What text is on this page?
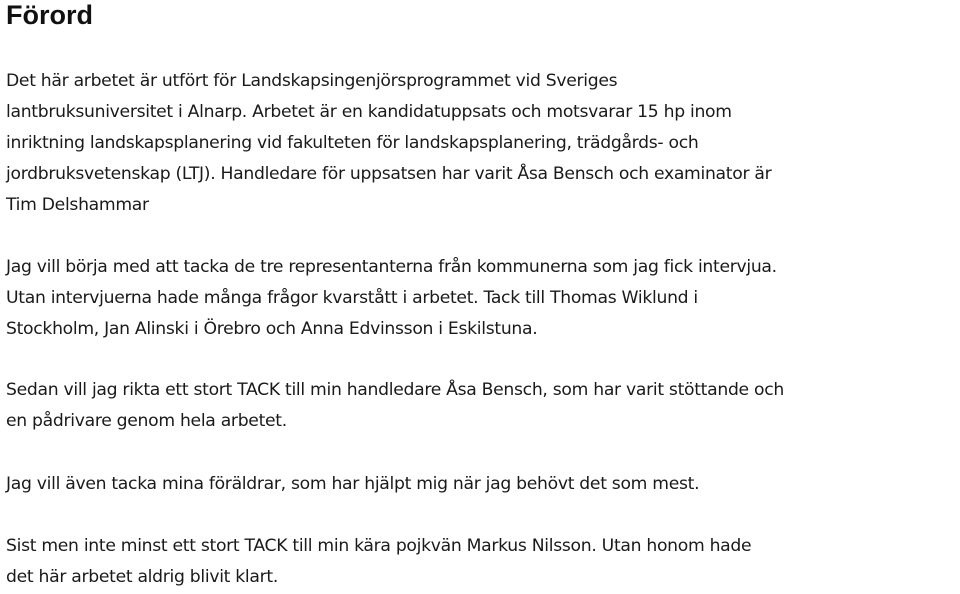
Förord

Det här arbetet är utfört för Landskapsingenjörsprogrammet vid Sveriges
lantbruksuniversitet i Alnarp. Arbetet är en kandidatuppsats och motsvarar 15 hp inom
inriktning landskapsplanering vid fakulteten för landskapsplanering, trädgårds- och
jordbruksvetenskap (LTJ). Handledare för uppsatsen har varit Åsa Bensch och examinator är
Tim Delshammar

Jag vill börja med att tacka de tre representanterna från kommunerna som jag fick intervjua.
Utan intervjuerna hade många frågor kvarstått i arbetet. Tack till Thomas Wiklund i
Stockholm, Jan Alinski i Örebro och Anna Edvinsson i Eskilstuna.

Sedan vill jag rikta ett stort TACK till min handledare Åsa Bensch, som har varit stöttande och
en pådrivare genom hela arbetet.

Jag vill även tacka mina föräldrar, som har hjälpt mig när jag behövt det som mest.

Sist men inte minst ett stort TACK till min kära pojkvän Markus Nilsson. Utan honom hade
det här arbetet aldrig blivit klart.
